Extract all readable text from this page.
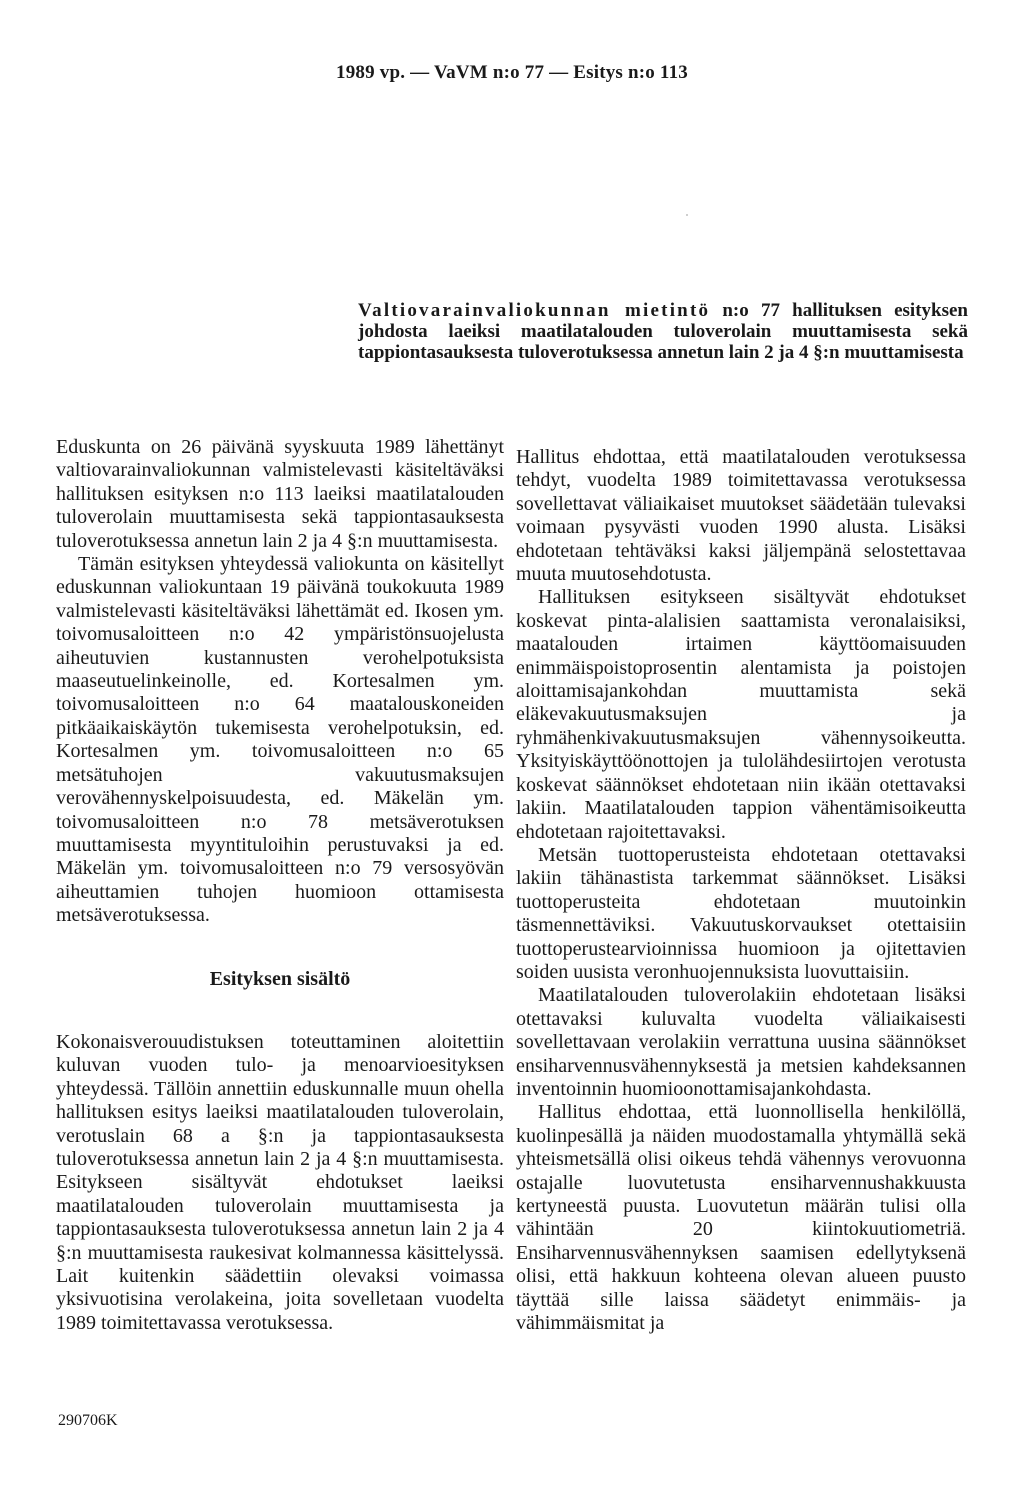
1989 vp. — VaVM n:o 77 — Esitys n:o 113
Valtiovarainvaliokunnan mietintö n:o 77 hallituksen esityksen johdosta laeiksi maatilatalouden tuloverolain muuttamisesta sekä tappiontasauksesta tuloverotuksessa annetun lain 2 ja 4 §:n muuttamisesta

Eduskunta on 26 päivänä syyskuuta 1989 lähettänyt valtiovarainvaliokunnan valmistelevasti käsiteltäväksi hallituksen esityksen n:o 113 laeiksi maatilatalouden tuloverolain muuttamisesta sekä tappiontasauksesta tuloverotuksessa annetun lain 2 ja 4 §:n muuttamisesta.

Tämän esityksen yhteydessä valiokunta on käsitellyt eduskunnan valiokuntaan 19 päivänä toukokuuta 1989 valmistelevasti käsiteltäväksi lähettämät ed. Ikosen ym. toivomusaloitteen n:o 42 ympäristönsuojelusta aiheutuvien kustannusten verohelpotuksista maaseutuelinkeinolle, ed. Kortesalmen ym. toivomusaloitteen n:o 64 maatalouskoneiden pitkäaikaiskäytön tukemisesta verohelpotuksin, ed. Kortesalmen ym. toivomusaloitteen n:o 65 metsätuhojen vakuutusmaksujen verovähennyskelpoisuudesta, ed. Mäkelän ym. toivomusaloitteen n:o 78 metsäverotuksen muuttamisesta myyntituloihin perustuvaksi ja ed. Mäkelän ym. toivomusaloitteen n:o 79 versosyövän aiheuttamien tuhojen huomioon ottamisesta metsäverotuksessa.

Esityksen sisältö

Kokonaisverouudistuksen toteuttaminen aloitettiin kuluvan vuoden tulo- ja menoarvioesityksen yhteydessä. Tällöin annettiin eduskunnalle muun ohella hallituksen esitys laeiksi maatilatalouden tuloverolain, verotuslain 68 a §:n ja tappiontasauksesta tuloverotuksessa annetun lain 2 ja 4 §:n muuttamisesta. Esitykseen sisältyvät ehdotukset laeiksi maatilatalouden tuloverolain muuttamisesta ja tappiontasauksesta tuloverotuksessa annetun lain 2 ja 4 §:n muuttamisesta raukesivat kolmannessa käsittelyssä. Lait kuitenkin säädettiin olevaksi voimassa yksivuotisina verolakeina, joita sovelletaan vuodelta 1989 toimitettavassa verotuksessa.

Hallitus ehdottaa, että maatilatalouden verotuksessa tehdyt, vuodelta 1989 toimitettavassa verotuksessa sovellettavat väliaikaiset muutokset säädetään tulevaksi voimaan pysyvästi vuoden 1990 alusta. Lisäksi ehdotetaan tehtäväksi kaksi jäljempänä selostettavaa muuta muutosehdotusta.

Hallituksen esitykseen sisältyvät ehdotukset koskevat pinta-alalisien saattamista veronalaisiksi, maatalouden irtaimen käyttöomaisuuden enimmäispoistoprosentin alentamista ja poistojen aloittamisajankohdan muuttamista sekä eläkevakuutusmaksujen ja ryhmähenkivakuutusmaksujen vähennysoikeutta. Yksityiskäyttöönottojen ja tulolähdesiirtojen verotusta koskevat säännökset ehdotetaan niin ikään otettavaksi lakiin. Maatilatalouden tappion vähentämisoikeutta ehdotetaan rajoitettavaksi.

Metsän tuottoperusteista ehdotetaan otettavaksi lakiin tähänastista tarkemmat säännökset. Lisäksi tuottoperusteita ehdotetaan muutoinkin täsmennettäviksi. Vakuutuskorvaukset otettaisiin tuottoperustearvioinnissa huomioon ja ojitettavien soiden uusista veronhuojennuksista luovuttaisiin.

Maatilatalouden tuloverolakiin ehdotetaan lisäksi otettavaksi kuluvalta vuodelta väliaikaisesti sovellettavaan verolakiin verrattuna uusina säännökset ensiharvennusvähennyksestä ja metsien kahdeksannen inventoinnin huomioonottamisajankohdasta.

Hallitus ehdottaa, että luonnollisella henkilöllä, kuolinpesällä ja näiden muodostamalla yhtymällä sekä yhteismetsällä olisi oikeus tehdä vähennys verovuonna ostajalle luovutetusta ensiharvennushakkuusta kertyneestä puusta. Luovutetun määrän tulisi olla vähintään 20 kiintokuutiometriä. Ensiharvennusvähennyksen saamisen edellytyksenä olisi, että hakkuun kohteena olevan alueen puusto täyttää sille laissa säädetyt enimmäis- ja vähimmäismitat ja

290706K
